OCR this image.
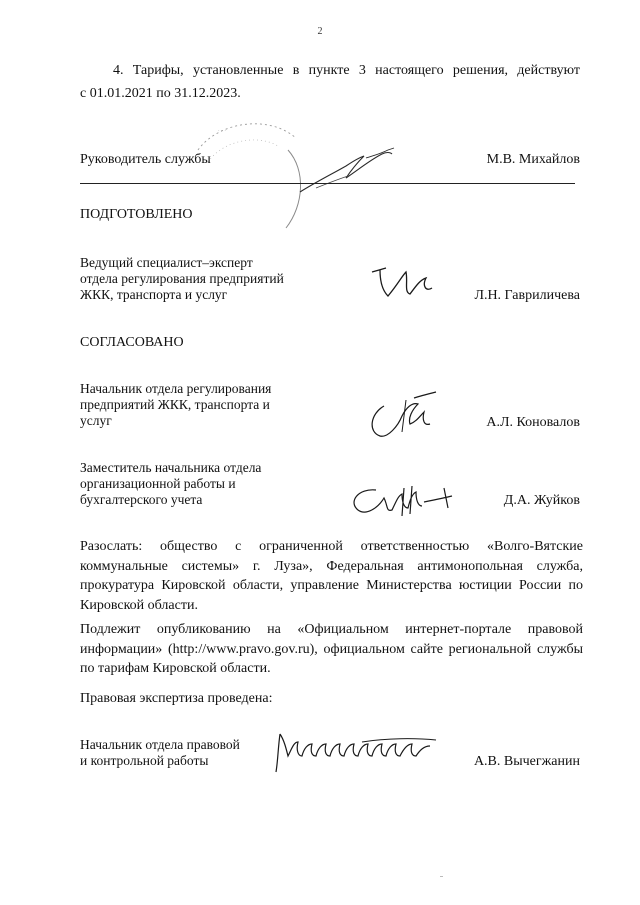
2
4. Тарифы, установленные в пункте 3 настоящего решения, действуют
с 01.01.2021 по 31.12.2023.
· · ·
Руководитель службы	М.В. Михайлов
ПОДГОТОВЛЕНО
Ведущий специалист–эксперт
отдела регулирования предприятий
ЖКК, транспорта и услуг	Л.Н. Гавриличева
СОГЛАСОВАНО
Начальник отдела регулирования
предприятий ЖКК, транспорта и
услуг	А.Л. Коновалов
Заместитель начальника отдела
организационной работы и
бухгалтерского учета	Д.А. Жуйков
Разослать: общество с ограниченной ответственностью «Волго-Вятские коммунальные системы» г. Луза», Федеральная антимонопольная служба, прокуратура Кировской области, управление Министерства юстиции России по Кировской области.
Подлежит опубликованию на «Официальном интернет-портале правовой информации» (http://www.pravo.gov.ru), официальном сайте региональной службы по тарифам Кировской области.
Правовая экспертиза проведена:
Начальник отдела правовой
и контрольной работы	А.В. Вычегжанин
